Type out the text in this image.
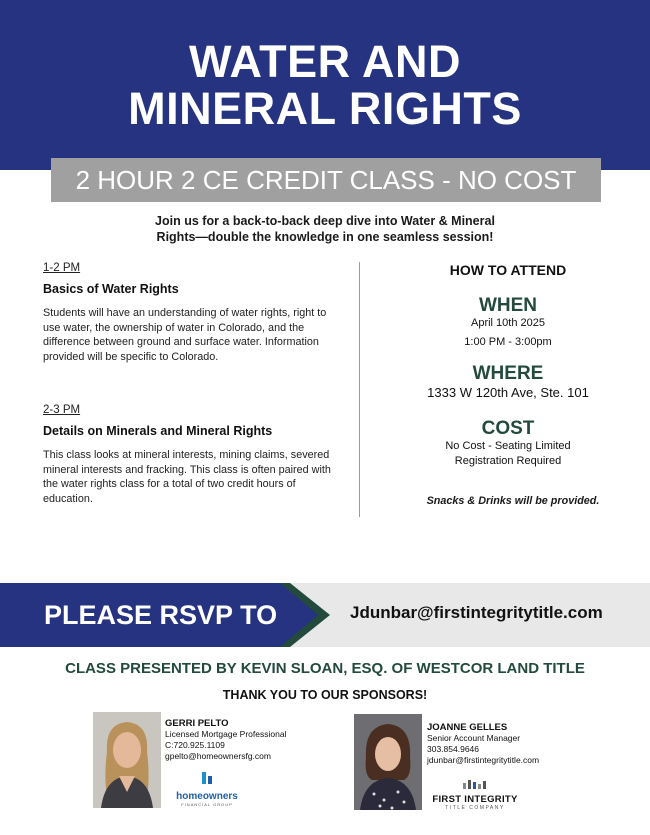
WATER AND
MINERAL RIGHTS
2 HOUR 2 CE CREDIT CLASS - NO COST
Join us for a back-to-back deep dive into Water & Mineral
Rights—double the knowledge in one seamless session!
1-2 PM
Basics of Water Rights

Students will have an understanding of water rights, right to use water, the ownership of water in Colorado, and the difference between ground and surface water. Information provided will be specific to Colorado.

2-3 PM
Details on Minerals and Mineral Rights

This class looks at mineral interests, mining claims, severed mineral interests and fracking. This class is often paired with the water rights class for a total of two credit hours of education.

HOW TO ATTEND
WHEN
April 10th 2025
1:00 PM - 3:00pm
WHERE
1333 W 120th Ave, Ste. 101
COST
No Cost - Seating Limited
Registration Required
Snacks & Drinks will be provided.
PLEASE RSVP TO	Jdunbar@firstintegritytitle.com
CLASS PRESENTED BY KEVIN SLOAN, ESQ. OF WESTCOR LAND TITLE
THANK YOU TO OUR SPONSORS!
GERRI PELTO
Licensed Mortgage Professional
C:720.925.1109
gpelto@homeownersfg.com
homeowners
FINANCIAL GROUP
JOANNE GELLES
Senior Account Manager
303.854.9646
jdunbar@firstintegritytitle.com
FIRST INTEGRITY
TITLE COMPANY
